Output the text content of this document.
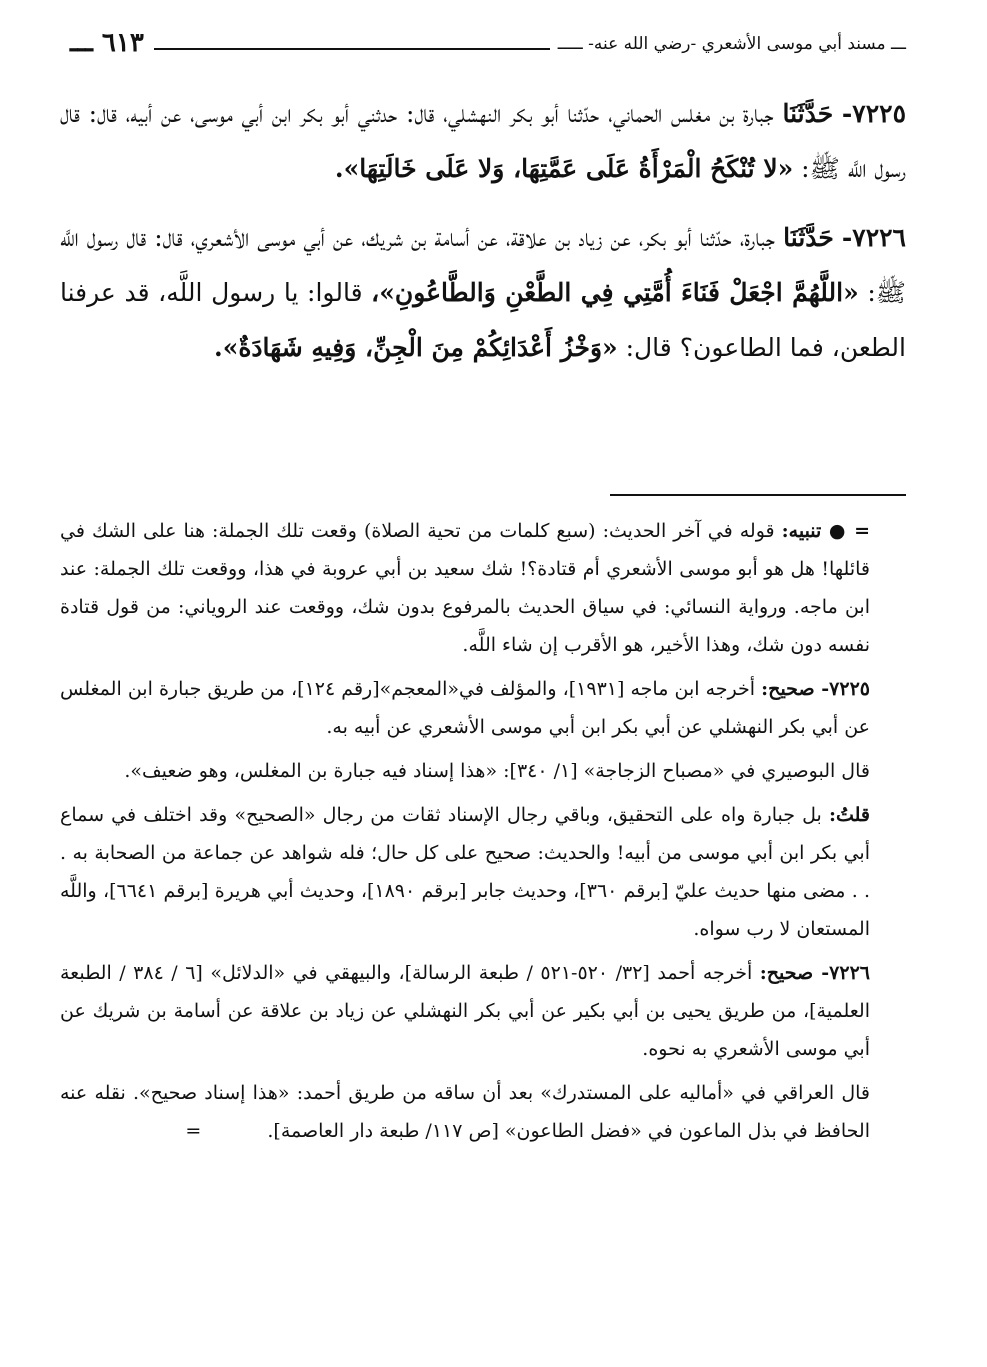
ـــ مسند أبي موسى الأشعري -رضي الله عنه- ـــــ
٦١٣ ـــ

٧٢٢٥- حَدَّثَنَا جبارة بن مغلس الحماني، حدّثنا أبو بكر النهشلي، قال: حدثني أبو بكر ابن أبي موسى، عن أبيه، قال: قال رسول اللَّه ﷺ: «لا تُنْكَحُ الْمَرْأَةُ عَلَى عَمَّتِهَا، وَلا عَلَى خَالَتِهَا».

٧٢٢٦- حَدَّثَنَا جبارة، حدّثنا أبو بكر، عن زياد بن علاقة، عن أسامة بن شريك، عن أبي موسى الأشعري، قال: قال رسول اللَّه ﷺ: «اللَّهُمَّ اجْعَلْ فَنَاءَ أُمَّتِي فِي الطَّعْنِ وَالطَّاعُونِ»، قالوا: يا رسول اللَّه، قد عرفنا الطعن، فما الطاعون؟ قال: «وَخْزُ أَعْدَائِكُمْ مِنَ الْجِنِّ، وَفِيهِ شَهَادَةٌ».

= ● تنبيه: قوله في آخر الحديث: (سبع كلمات من تحية الصلاة) وقعت تلك الجملة: هنا على الشك في قائلها! هل هو أبو موسى الأشعري أم قتادة؟! شك سعيد بن أبي عروبة في هذا، ووقعت تلك الجملة: عند ابن ماجه. ورواية النسائي: في سياق الحديث بالمرفوع بدون شك، ووقعت عند الروياني: من قول قتادة نفسه دون شك، وهذا الأخير، هو الأقرب إن شاء اللَّه.

٧٢٢٥- صحيح: أخرجه ابن ماجه [١٩٣١]، والمؤلف في«المعجم»[رقم ١٢٤]، من طريق جبارة ابن المغلس عن أبي بكر النهشلي عن أبي بكر ابن أبي موسى الأشعري عن أبيه به.

قال البوصيري في «مصباح الزجاجة» [١/ ٣٤٠]: «هذا إسناد فيه جبارة بن المغلس، وهو ضعيف».

قلتُ: بل جبارة واه على التحقيق، وباقي رجال الإسناد ثقات من رجال «الصحيح» وقد اختلف في سماع أبي بكر ابن أبي موسى من أبيه! والحديث: صحيح على كل حال؛ فله شواهد عن جماعة من الصحابة به . . . مضى منها حديث عليّ [برقم ٣٦٠]، وحديث جابر [برقم ١٨٩٠]، وحديث أبي هريرة [برقم ٦٦٤١]، واللَّه المستعان لا رب سواه.

٧٢٢٦- صحيح: أخرجه أحمد [٣٢/ ٥٢٠-٥٢١ / طبعة الرسالة]، والبيهقي في «الدلائل» [٦ / ٣٨٤ / الطبعة العلمية]، من طريق يحيى بن أبي بكير عن أبي بكر النهشلي عن زياد بن علاقة عن أسامة بن شريك عن أبي موسى الأشعري به نحوه.

قال العراقي في «أماليه على المستدرك» بعد أن ساقه من طريق أحمد: «هذا إسناد صحيح». نقله عنه الحافظ في بذل الماعون في «فضل الطاعون» [ص ١١٧/ طبعة دار العاصمة]. =
